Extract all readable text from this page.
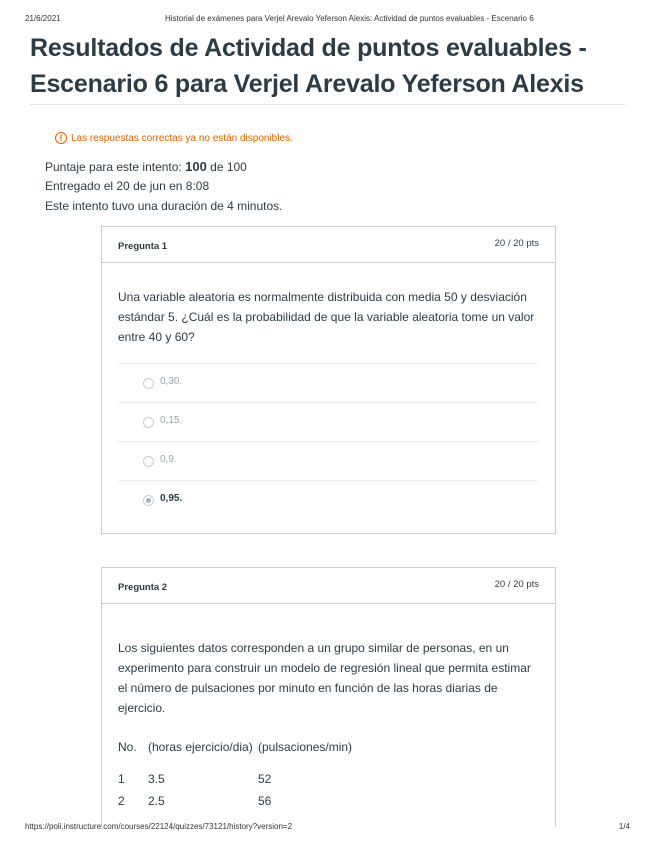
21/6/2021	Historial de exámenes para Verjel Arevalo Yeferson Alexis: Actividad de puntos evaluables - Escenario 6
Resultados de Actividad de puntos evaluables - Escenario 6 para Verjel Arevalo Yeferson Alexis
! Las respuestas correctas ya no están disponibles.
Puntaje para este intento: 100 de 100
Entregado el 20 de jun en 8:08
Este intento tuvo una duración de 4 minutos.
Pregunta 1	20 / 20 pts
Una variable aleatoria es normalmente distribuida con media 50 y desviación estándar 5. ¿Cuál es la probabilidad de que la variable aleatoria tome un valor entre 40 y 60?
0,30.
0,15.
0,9.
0,95.
Pregunta 2	20 / 20 pts
Los siguientes datos corresponden a un grupo similar de personas, en un experimento para construir un modelo de regresión lineal que permita estimar el número de pulsaciones por minuto en función de las horas diarias de ejercicio.
No.	(horas ejercicio/dia)	(pulsaciones/min)
1	3.5	52
2	2.5	56
https://poli.instructure.com/courses/22124/quizzes/73121/history?version=2	1/4
